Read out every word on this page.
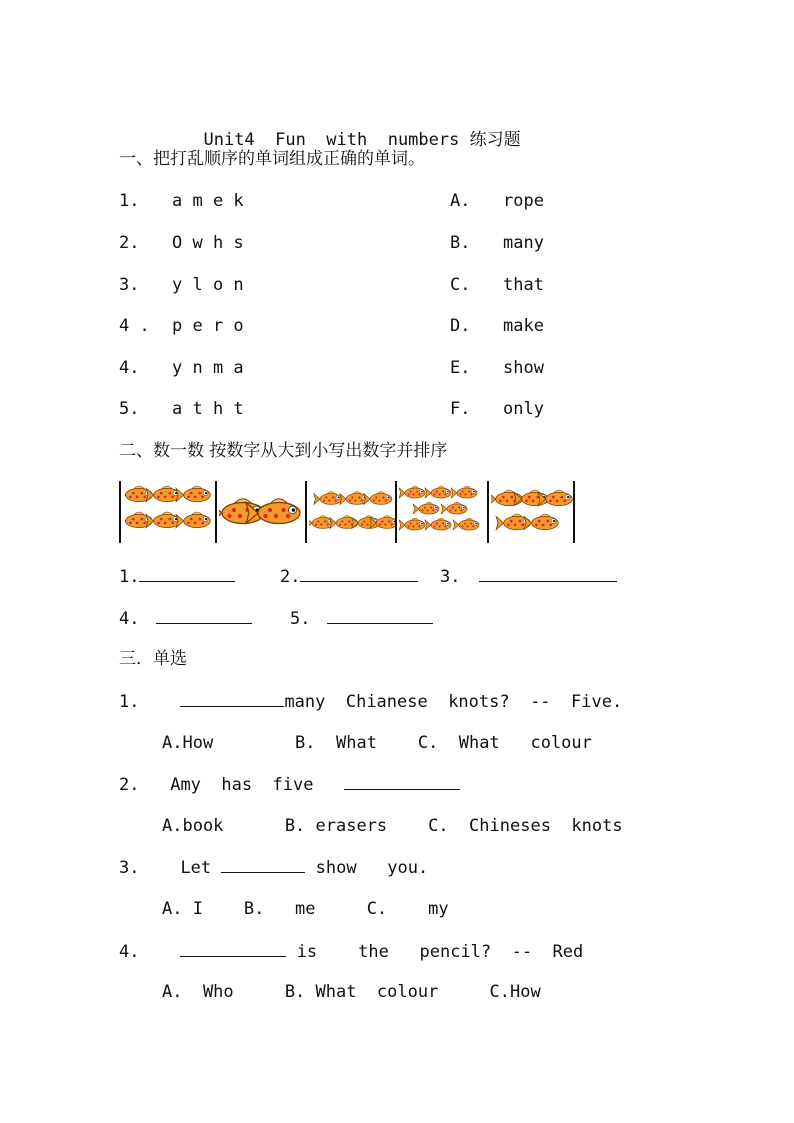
Unit4  Fun  with  numbers 练习题

一、把打乱顺序的单词组成正确的单词。
1. a m e k	A. rope
2. O w h s	B. many
3. y l o n	C. that
4 . p e r o	D. make
4. y n m a	E. show
5. a t h t	F. only
二、数一数 按数字从大到小写出数字并排序
1.	2.	3.
4.	5.
三．单选
1.	many  Chianese  knots?  --  Five.
A.How        B.  What    C.  What   colour
2. Amy  has  five
A.book      B. erasers    C.  Chineses  knots
3. Let	show   you.
A. I    B.   me     C.    my
4.	is    the   pencil?  --  Red
A.  Who     B. What  colour     C.How
